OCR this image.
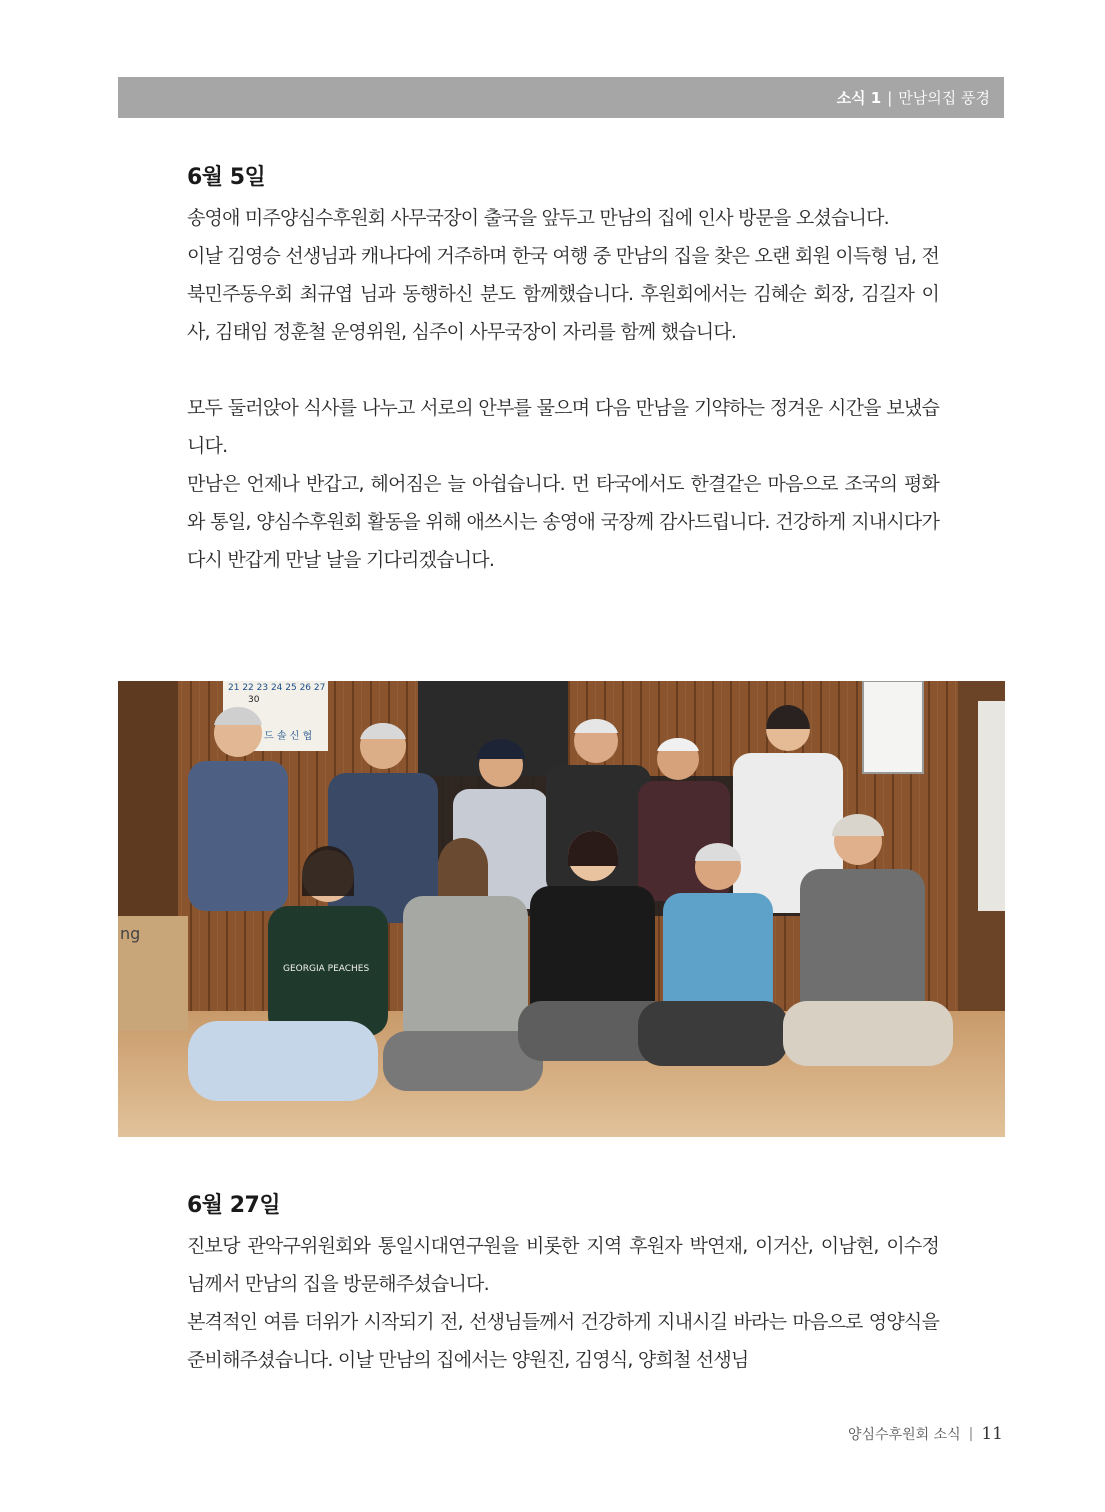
소식 1 | 만남의집 풍경
6월 5일

송영애 미주양심수후원회 사무국장이 출국을 앞두고 만남의 집에 인사 방문을 오셨습니다.

이날 김영승 선생님과 캐나다에 거주하며 한국 여행 중 만남의 집을 찾은 오랜 회원 이득형 님, 전북민주동우회 최규엽 님과 동행하신 분도 함께했습니다. 후원회에서는 김혜순 회장, 김길자 이사, 김태임 정훈철 운영위원, 심주이 사무국장이 자리를 함께 했습니다.

모두 둘러앉아 식사를 나누고 서로의 안부를 물으며 다음 만남을 기약하는 정겨운 시간을 보냈습니다.

만남은 언제나 반갑고, 헤어짐은 늘 아쉽습니다. 먼 타국에서도 한결같은 마음으로 조국의 평화와 통일, 양심수후원회 활동을 위해 애쓰시는 송영애 국장께 감사드립니다. 건강하게 지내시다가 다시 반갑게 만날 날을 기다리겠습니다.

21 22 23 24 25 26 27
30
드 솔 신 협
ng
GEORGIA PEACHES
6월 27일

진보당 관악구위원회와 통일시대연구원을 비롯한 지역 후원자 박연재, 이거산, 이남현, 이수정 님께서 만남의 집을 방문해주셨습니다.

본격적인 여름 더위가 시작되기 전, 선생님들께서 건강하게 지내시길 바라는 마음으로 영양식을 준비해주셨습니다. 이날 만남의 집에서는 양원진, 김영식, 양희철 선생님

양심수후원회 소식 | 11
